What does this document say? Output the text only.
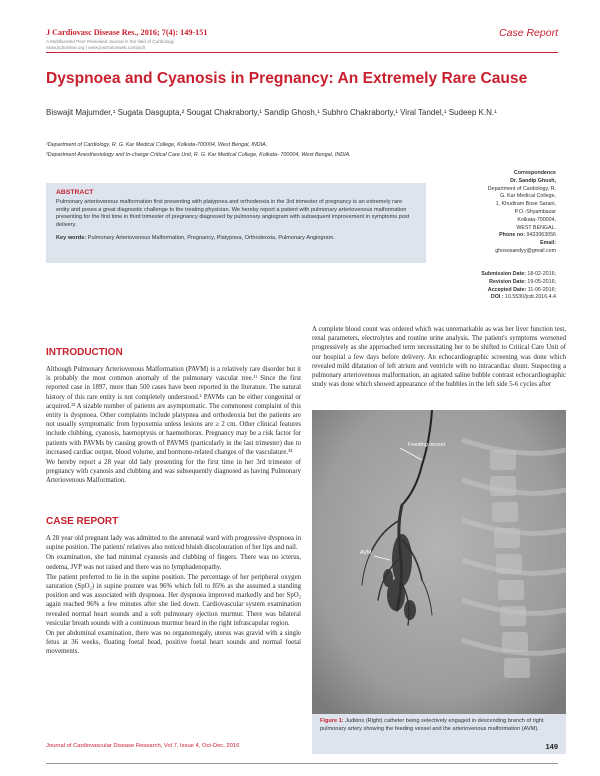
J Cardiovasc Disease Res., 2016; 7(4): 149-151
A Multifaceted Peer Reviewed Journal in the field of Cardiology
www.jcdronline.org | www.journalonweb.com/jcdr
Case Report
Dyspnoea and Cyanosis in Pregnancy: An Extremely Rare Cause
Biswajit Majumder,¹ Sugata Dasgupta,² Sougat Chakraborty,¹ Sandip Ghosh,¹ Subhro Chakraborty,¹ Viral Tandel,¹ Sudeep K.N.¹
¹Department of Cardiology, R. G. Kar Medical College, Kolkata-700004, West Bengal, INDIA.
²Department Anesthesiology and In-charge Critical Care Unit, R. G. Kar Medical College, Kolkata- 700004, West Bengal, INDIA.
ABSTRACT
Pulmonary arteriovenous malformation first presenting with platypnea and orthodeoxia in the 3rd trimester of pregnancy is an extremely rare entity and poses a great diagnostic challenge to the treating physician. We hereby report a patient with pulmonary arteriovenous malformation presenting for the first time in third trimester of pregnancy diagnosed by pulmonary angiogram with subsequent improvement in symptoms post delivery.
Key words: Pulmonary Arteriovenous Malformation, Pregnancy, Platypnea, Orthodeoxia, Pulmonary Angiogram.
Correspondence
Dr. Sandip Ghosh,
Department of Cardiology, R.
G. Kar Medical College,
1, Khudiram Bose Sarani,
P.O.-Shyambazar
Kolkata-700004,
WEST BENGAL.
Phone no: 9433063056
Email:
ghososandyy@gmail.com
Submission Date: 18-02-2016;
Revision Date: 19-05-2016;
Accepted Date: 11-06-2016;
DOI : 10.5530/jcdr.2016.4.4
INTRODUCTION

Although Pulmonary Arteriovenous Malformation (PAVM) is a relatively rare disorder but it is probably the most common anomaly of the pulmonary vascular tree.¹⁾ Since the first reported case in 1897, more than 500 cases have been reported in the literature. The natural history of this rare entity is not completely understood.² PAVMs can be either congenital or acquired.²³ A sizable number of patients are asymptomatic. The commonest complaint of this entity is dyspnoea. Other complaints include platypnea and orthodeoxia but the patients are not usually symptomatic from hypoxemia unless lesions are ≥ 2 cm. Other clinical features include clubbing, cyanosis, haemoptysis or haemothorax. Pregnancy may be a risk factor for patients with PAVMs by causing growth of PAVMS (particularly in the last trimester) due to increased cardiac output, blood volume, and hormone-related changes of the vasculature.³⁴

We hereby report a 28 year old lady presenting for the first time in her 3rd trimester of pregnancy with cyanosis and clubbing and was subsequently diagnosed as having Pulmonary Arteriovenous Malformation.

CASE REPORT

A 28 year old pregnant lady was admitted to the antenatal ward with progressive dyspnoea in supine position. The patients' relatives also noticed bluish discolouration of her lips and nail.

On examination, she had minimal cyanosis and clubbing of fingers. There was no icterus, oedema, JVP was not raised and there was no lymphadenopathy.

The patient preferred to lie in the supine position. The percentage of her peripheral oxygen saturation (SpO₂) in supine posture was 96% which fell to 85% as she assumed a standing position and was associated with dyspnoea. Her dyspnoea improved markedly and her SpO₂ again reached 96% a few minutes after she lied down. Cardiovascular system examination revealed normal heart sounds and a soft pulmonary ejection murmur. There was bilateral vesicular breath sounds with a continuous murmur heard in the right infrascapular region.

On per abdominal examination, there was no organomegaly, uterus was gravid with a single fetus at 36 weeks, floating foetal head, positive foetal heart sounds and normal foetal movements.

A complete blood count was ordered which was unremarkable as was her liver function test, renal parameters, electrolytes and routine urine analysis. The patient's symptoms worsened progressively as she approached term necessitating her to be shifted to Critical Care Unit of our hospital a few days before delivery. An echocardiographic screening was done which revealed mild dilatation of left atrium and ventricle with no intracardiac shunt. Suspecting a pulmonary arteriovenous malformation, an agitated saline bubble contrast echocardiographic study was done which showed appearance of the bubbles in the left side 5-6 cycles after

Feeding vessel
AVM
Figure 1: Judkins (Right) catheter being selectively engaged in descending branch of right pulmonary artery showing the feeding vessel and the arteriovenous malformation (AVM).
Journal of Cardiovascular Disease Research, Vol 7, Issue 4, Oct-Dec, 2016	149
